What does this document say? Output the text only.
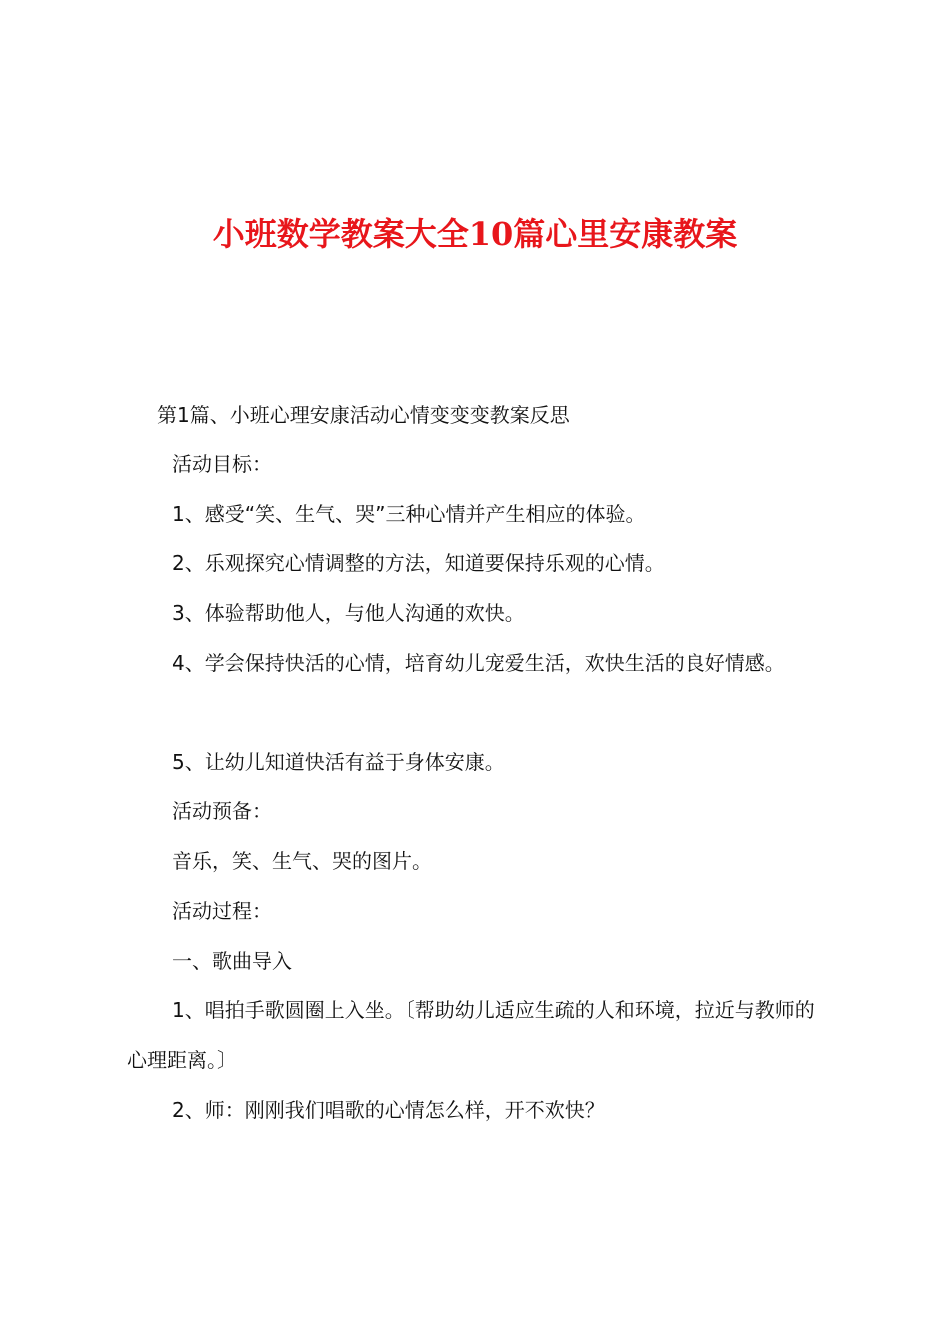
小班数学教案大全10篇心里安康教案

第1篇、小班心理安康活动心情变变变教案反思

活动目标：

1、感受“笑、生气、哭”三种心情并产生相应的体验。

2、乐观探究心情调整的方法，知道要保持乐观的心情。

3、体验帮助他人，与他人沟通的欢快。

4、学会保持快活的心情，培育幼儿宠爱生活，欢快生活的良好情感。

5、让幼儿知道快活有益于身体安康。

活动预备：

音乐，笑、生气、哭的图片。

活动过程：

一、歌曲导入

1、唱拍手歌圆圈上入坐。〔帮助幼儿适应生疏的人和环境，拉近与教师的心理距离。〕

2、师：刚刚我们唱歌的心情怎么样，开不欢快？
